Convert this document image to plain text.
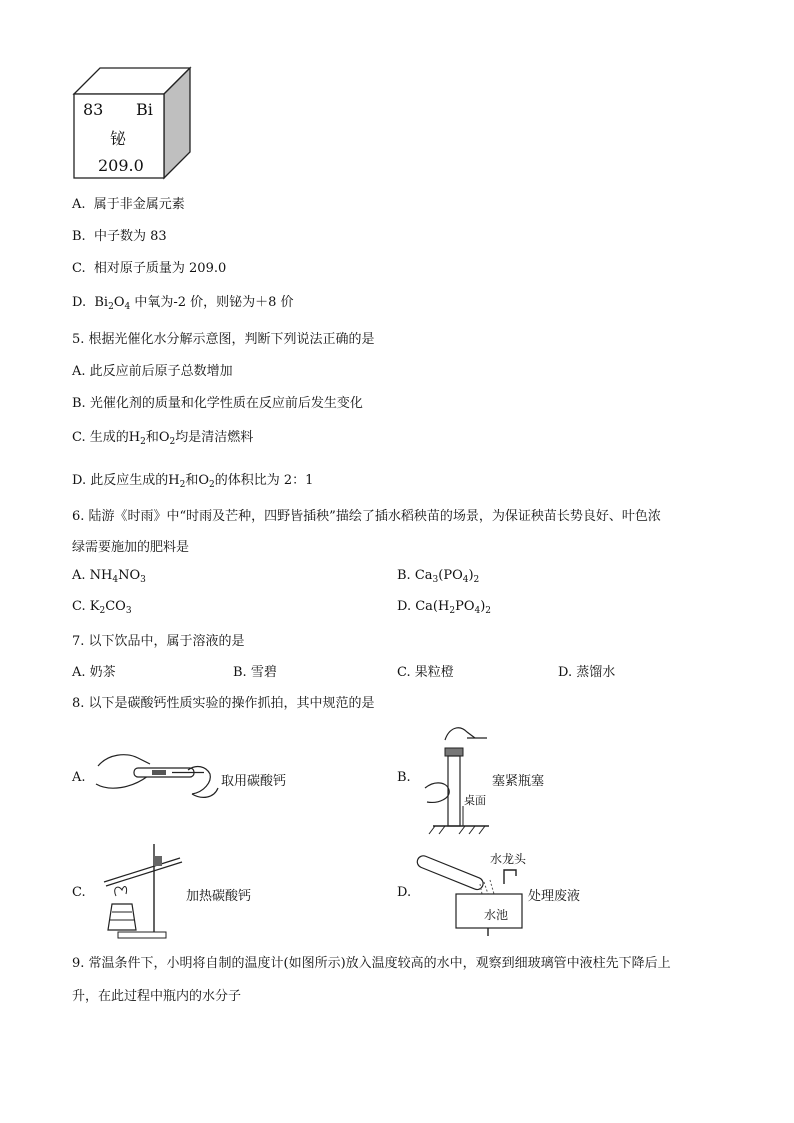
83 Bi
铋
209.0
A. 属于非金属元素
B. 中子数为 83
C. 相对原子质量为 209.0
D. $Bi_2O_4$ 中氧为-2 价，则铋为＋8 价
5. 根据光催化水分解示意图，判断下列说法正确的是
A. 此反应前后原子总数增加
B. 光催化剂的质量和化学性质在反应前后发生变化
C. 生成的$H_2$和$O_2$均是清洁燃料
D. 此反应生成的$H_2$和$O_2$的体积比为 2：1
6. 陆游《时雨》中“时雨及芒种，四野皆插秧”描绘了插水稻秧苗的场景，为保证秧苗长势良好、叶色浓
绿需要施加的肥料是
A. $NH_4NO_3$	B. $Ca_3(PO_4)_2$
C. $K_2CO_3$	D. $Ca(H_2PO_4)_2$
7. 以下饮品中，属于溶液的是
A. 奶茶	B. 雪碧	C. 果粒橙	D. 蒸馏水
8. 以下是碳酸钙性质实验的操作抓拍，其中规范的是
A.	取用碳酸钙	B.
桌面
塞紧瓶塞
C.	加热碳酸钙	D.
水龙头
水池
处理废液
9. 常温条件下，小明将自制的温度计(如图所示)放入温度较高的水中，观察到细玻璃管中液柱先下降后上
升，在此过程中瓶内的水分子
